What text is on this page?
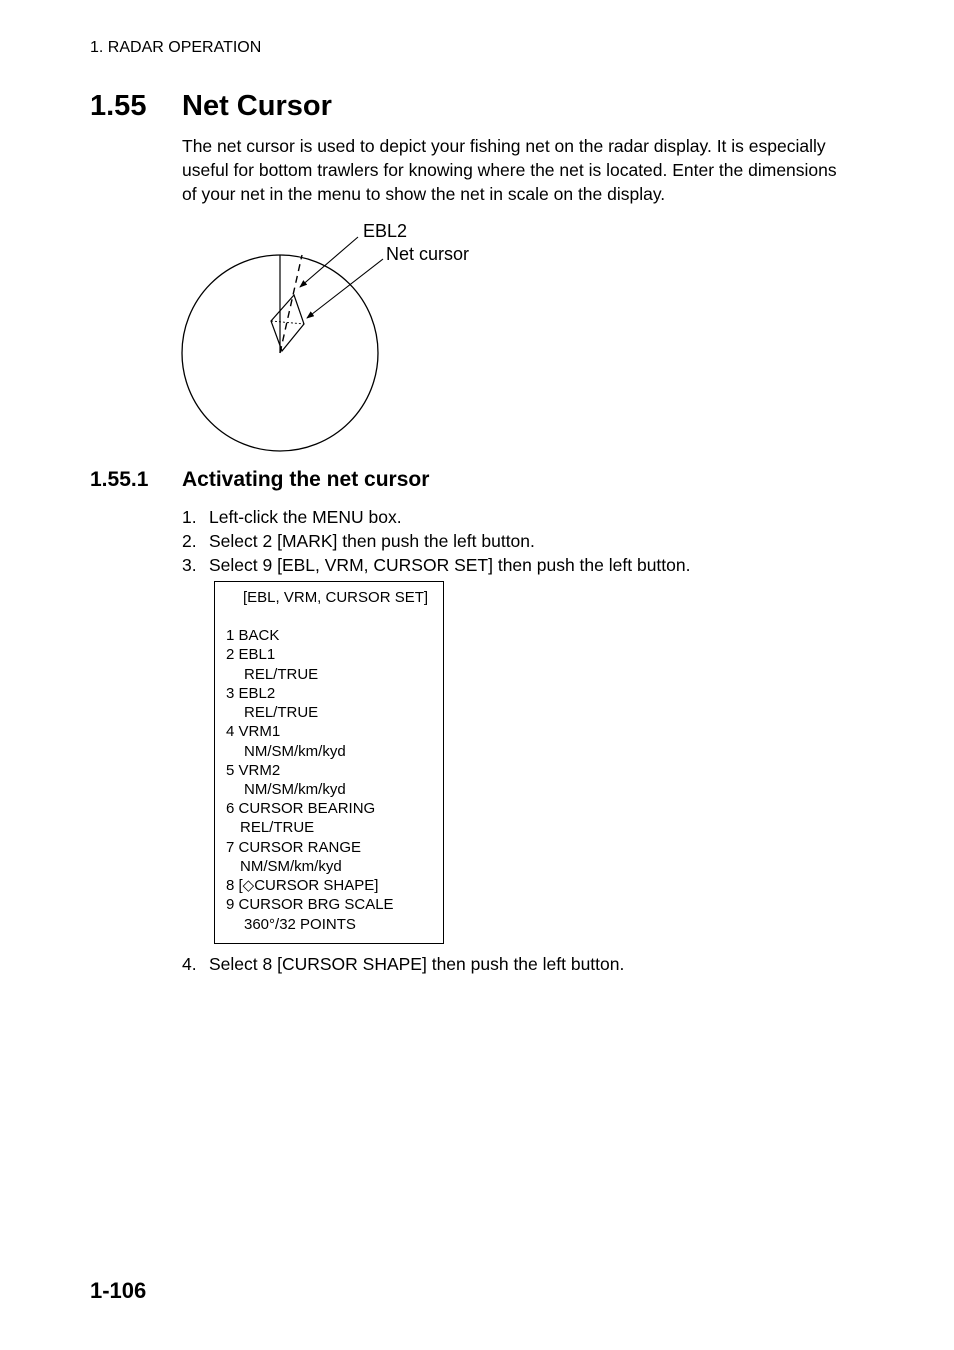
1. RADAR OPERATION
1.55 Net Cursor

The net cursor is used to depict your fishing net on the radar display. It is especially useful for bottom trawlers for knowing where the net is located. Enter the dimensions of your net in the menu to show the net in scale on the display.

EBL2
Net cursor
1.55.1 Activating the net cursor
1. Left-click the MENU box.
2. Select 2 [MARK] then push the left button.
3. Select 9 [EBL, VRM, CURSOR SET] then push the left button.
[EBL, VRM, CURSOR SET]
1 BACK
2 EBL1
REL/TRUE
3 EBL2
REL/TRUE
4 VRM1
NM/SM/km/kyd
5 VRM2
NM/SM/km/kyd
6 CURSOR BEARING
REL/TRUE
7 CURSOR RANGE
NM/SM/km/kyd
8 [◇CURSOR SHAPE]
9 CURSOR BRG SCALE
360°/32 POINTS
4. Select 8 [CURSOR SHAPE] then push the left button.
1-106
